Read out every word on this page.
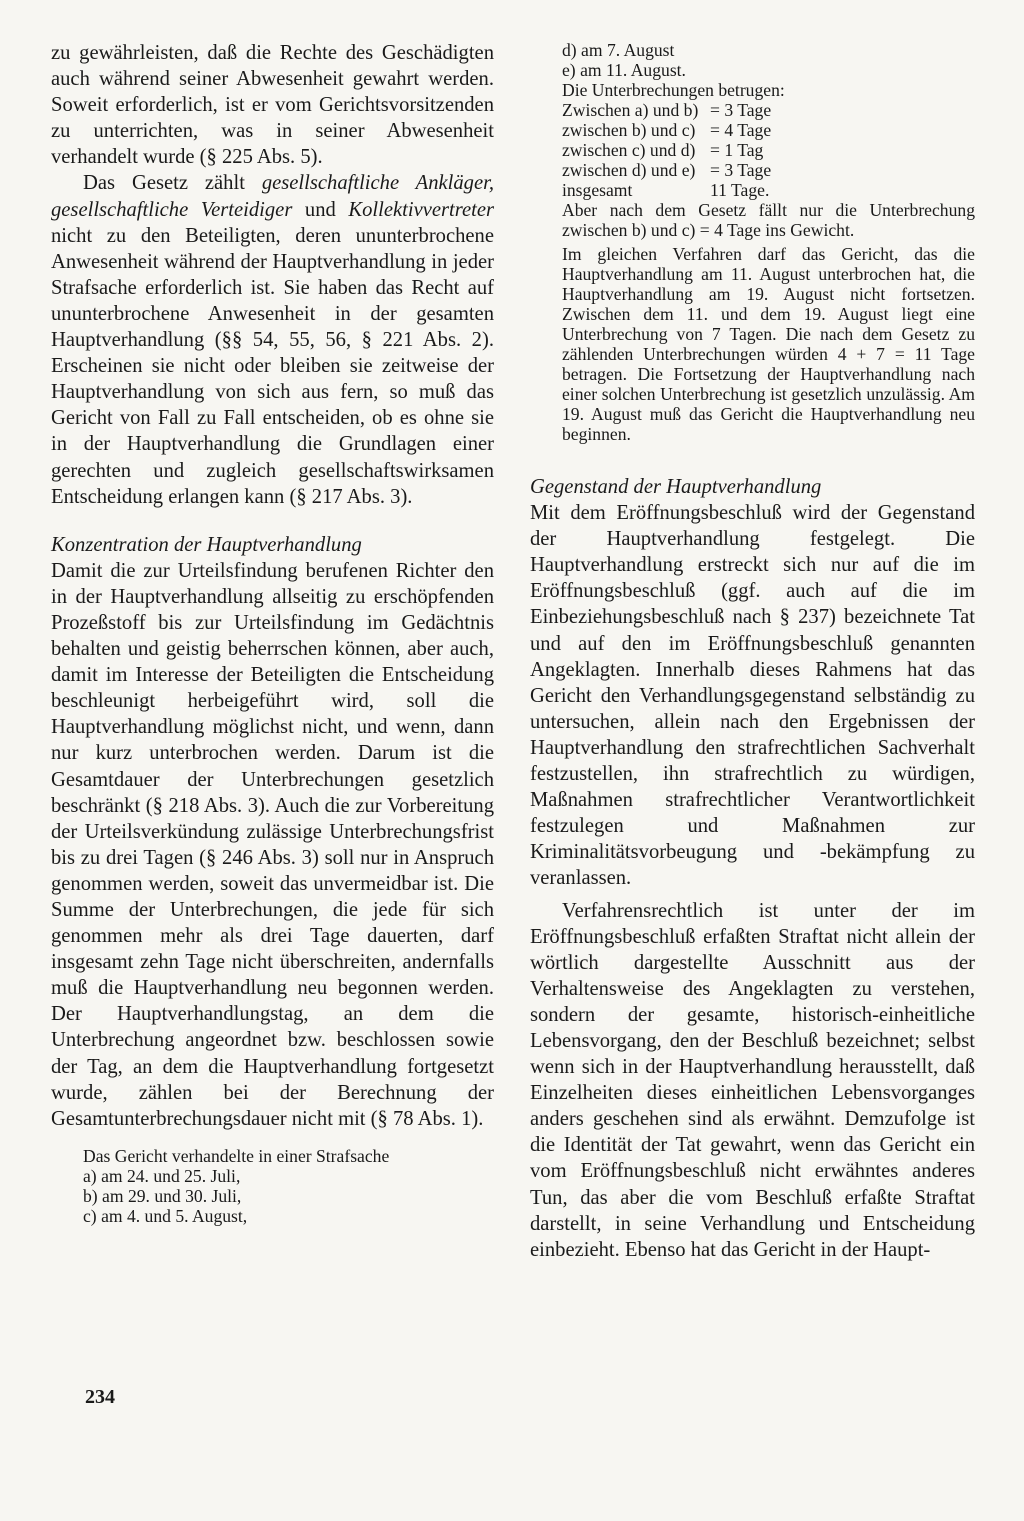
zu gewährleisten, daß die Rechte des Geschädigten auch während seiner Abwesenheit gewahrt werden. Soweit erforderlich, ist er vom Gerichtsvorsitzenden zu unterrichten, was in seiner Abwesenheit verhandelt wurde (§ 225 Abs. 5).

Das Gesetz zählt gesellschaftliche Ankläger, gesellschaftliche Verteidiger und Kollektivvertreter nicht zu den Beteiligten, deren ununterbrochene Anwesenheit während der Hauptverhandlung in jeder Strafsache erforderlich ist. Sie haben das Recht auf ununterbrochene Anwesenheit in der gesamten Hauptverhandlung (§§ 54, 55, 56, § 221 Abs. 2). Erscheinen sie nicht oder bleiben sie zeitweise der Hauptverhandlung von sich aus fern, so muß das Gericht von Fall zu Fall entscheiden, ob es ohne sie in der Hauptverhandlung die Grundlagen einer gerechten und zugleich gesellschaftswirksamen Entscheidung erlangen kann (§ 217 Abs. 3).

Konzentration der Hauptverhandlung

Damit die zur Urteilsfindung berufenen Richter den in der Hauptverhandlung allseitig zu erschöpfenden Prozeßstoff bis zur Urteilsfindung im Gedächtnis behalten und geistig beherrschen können, aber auch, damit im Interesse der Beteiligten die Entscheidung beschleunigt herbeigeführt wird, soll die Hauptverhandlung möglichst nicht, und wenn, dann nur kurz unterbrochen werden. Darum ist die Gesamtdauer der Unterbrechungen gesetzlich beschränkt (§ 218 Abs. 3). Auch die zur Vorbereitung der Urteilsverkündung zulässige Unterbrechungsfrist bis zu drei Tagen (§ 246 Abs. 3) soll nur in Anspruch genommen werden, soweit das unvermeidbar ist. Die Summe der Unterbrechungen, die jede für sich genommen mehr als drei Tage dauerten, darf insgesamt zehn Tage nicht überschreiten, andernfalls muß die Hauptverhandlung neu begonnen werden. Der Hauptverhandlungstag, an dem die Unterbrechung angeordnet bzw. beschlossen sowie der Tag, an dem die Hauptverhandlung fortgesetzt wurde, zählen bei der Berechnung der Gesamtunterbrechungsdauer nicht mit (§ 78 Abs. 1).

Das Gericht verhandelte in einer Strafsache

a) am 24. und 25. Juli,

b) am 29. und 30. Juli,

c) am 4. und 5. August,

d) am 7. August

e) am 11. August.

Die Unterbrechungen betrugen:

Zwischen a) und b) = 3 Tage
zwischen b) und c) = 4 Tage
zwischen c) und d) = 1 Tag
zwischen d) und e) = 3 Tage
insgesamt	11 Tage.

Aber nach dem Gesetz fällt nur die Unterbrechung zwischen b) und c) = 4 Tage ins Gewicht.

Im gleichen Verfahren darf das Gericht, das die Hauptverhandlung am 11. August unterbrochen hat, die Hauptverhandlung am 19. August nicht fortsetzen. Zwischen dem 11. und dem 19. August liegt eine Unterbrechung von 7 Tagen. Die nach dem Gesetz zu zählenden Unterbrechungen würden 4 + 7 = 11 Tage betragen. Die Fortsetzung der Hauptverhandlung nach einer solchen Unterbrechung ist gesetzlich unzulässig. Am 19. August muß das Gericht die Hauptverhandlung neu beginnen.

Gegenstand der Hauptverhandlung

Mit dem Eröffnungsbeschluß wird der Gegenstand der Hauptverhandlung festgelegt. Die Hauptverhandlung erstreckt sich nur auf die im Eröffnungsbeschluß (ggf. auch auf die im Einbeziehungsbeschluß nach § 237) bezeichnete Tat und auf den im Eröffnungsbeschluß genannten Angeklagten. Innerhalb dieses Rahmens hat das Gericht den Verhandlungsgegenstand selbständig zu untersuchen, allein nach den Ergebnissen der Hauptverhandlung den strafrechtlichen Sachverhalt festzustellen, ihn strafrechtlich zu würdigen, Maßnahmen strafrechtlicher Verantwortlichkeit festzulegen und Maßnahmen zur Kriminalitätsvorbeugung und -bekämpfung zu veranlassen.

Verfahrensrechtlich ist unter der im Eröffnungsbeschluß erfaßten Straftat nicht allein der wörtlich dargestellte Ausschnitt aus der Verhaltensweise des Angeklagten zu verstehen, sondern der gesamte, historisch-einheitliche Lebensvorgang, den der Beschluß bezeichnet; selbst wenn sich in der Hauptverhandlung herausstellt, daß Einzelheiten dieses einheitlichen Lebensvorganges anders geschehen sind als erwähnt. Demzufolge ist die Identität der Tat gewahrt, wenn das Gericht ein vom Eröffnungsbeschluß nicht erwähntes anderes Tun, das aber die vom Beschluß erfaßte Straftat darstellt, in seine Verhandlung und Entscheidung einbezieht. Ebenso hat das Gericht in der Haupt-

234
